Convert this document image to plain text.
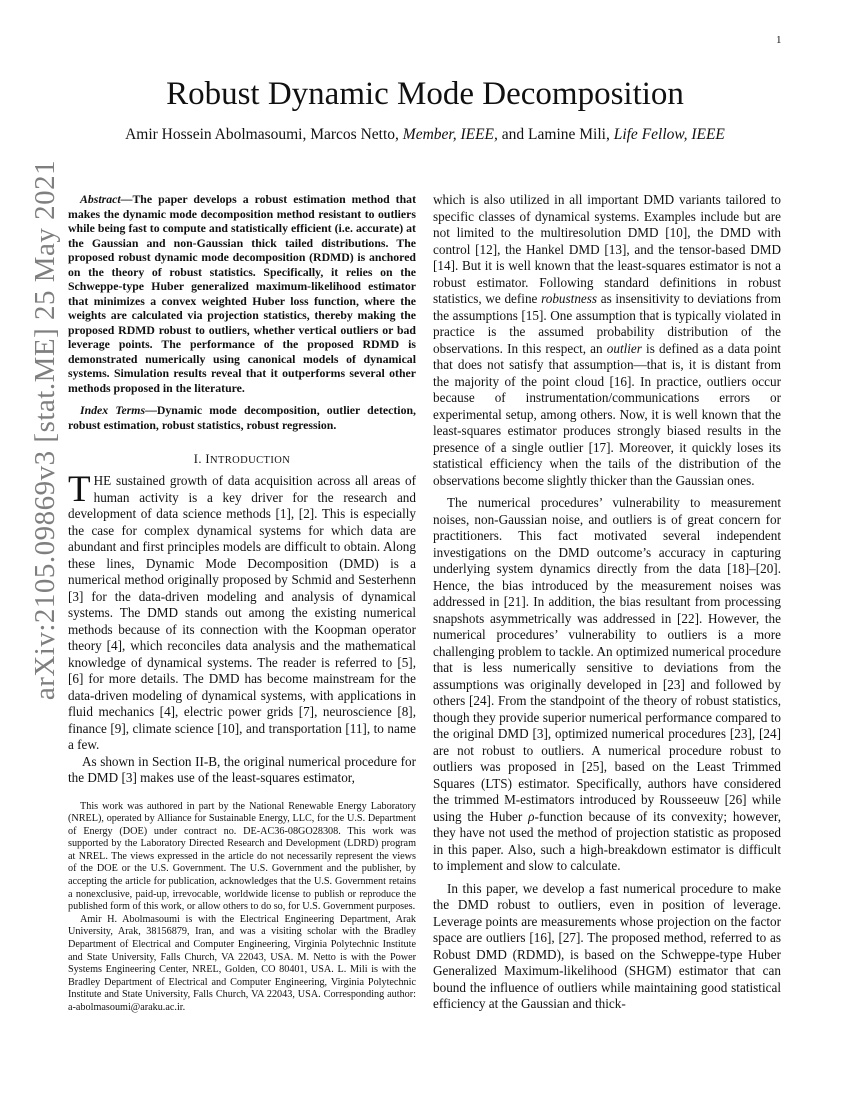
1
arXiv:2105.09869v3 [stat.ME] 25 May 2021
Robust Dynamic Mode Decomposition
Amir Hossein Abolmasoumi, Marcos Netto, Member, IEEE, and Lamine Mili, Life Fellow, IEEE

Abstract—The paper develops a robust estimation method that makes the dynamic mode decomposition method resistant to outliers while being fast to compute and statistically efficient (i.e. accurate) at the Gaussian and non-Gaussian thick tailed distributions. The proposed robust dynamic mode decomposition (RDMD) is anchored on the theory of robust statistics. Specifically, it relies on the Schweppe-type Huber generalized maximum-likelihood estimator that minimizes a convex weighted Huber loss function, where the weights are calculated via projection statistics, thereby making the proposed RDMD robust to outliers, whether vertical outliers or bad leverage points. The performance of the proposed RDMD is demonstrated numerically using canonical models of dynamical systems. Simulation results reveal that it outperforms several other methods proposed in the literature.

Index Terms—Dynamic mode decomposition, outlier detection, robust estimation, robust statistics, robust regression.

I. INTRODUCTION

THE sustained growth of data acquisition across all areas of human activity is a key driver for the research and development of data science methods [1], [2]. This is especially the case for complex dynamical systems for which data are abundant and first principles models are difficult to obtain. Along these lines, Dynamic Mode Decomposition (DMD) is a numerical method originally proposed by Schmid and Sesterhenn [3] for the data-driven modeling and analysis of dynamical systems. The DMD stands out among the existing numerical methods because of its connection with the Koopman operator theory [4], which reconciles data analysis and the mathematical knowledge of dynamical systems. The reader is referred to [5], [6] for more details. The DMD has become mainstream for the data-driven modeling of dynamical systems, with applications in fluid mechanics [4], electric power grids [7], neuroscience [8], finance [9], climate science [10], and transportation [11], to name a few.

As shown in Section II-B, the original numerical procedure for the DMD [3] makes use of the least-squares estimator,

This work was authored in part by the National Renewable Energy Laboratory (NREL), operated by Alliance for Sustainable Energy, LLC, for the U.S. Department of Energy (DOE) under contract no. DE-AC36-08GO28308. This work was supported by the Laboratory Directed Research and Development (LDRD) program at NREL. The views expressed in the article do not necessarily represent the views of the DOE or the U.S. Government. The U.S. Government and the publisher, by accepting the article for publication, acknowledges that the U.S. Government retains a nonexclusive, paid-up, irrevocable, worldwide license to publish or reproduce the published form of this work, or allow others to do so, for U.S. Government purposes.

Amir H. Abolmasoumi is with the Electrical Engineering Department, Arak University, Arak, 38156879, Iran, and was a visiting scholar with the Bradley Department of Electrical and Computer Engineering, Virginia Polytechnic Institute and State University, Falls Church, VA 22043, USA. M. Netto is with the Power Systems Engineering Center, NREL, Golden, CO 80401, USA. L. Mili is with the Bradley Department of Electrical and Computer Engineering, Virginia Polytechnic Institute and State University, Falls Church, VA 22043, USA. Corresponding author: a-abolmasoumi@araku.ac.ir.

which is also utilized in all important DMD variants tailored to specific classes of dynamical systems. Examples include but are not limited to the multiresolution DMD [10], the DMD with control [12], the Hankel DMD [13], and the tensor-based DMD [14]. But it is well known that the least-squares estimator is not a robust estimator. Following standard definitions in robust statistics, we define robustness as insensitivity to deviations from the assumptions [15]. One assumption that is typically violated in practice is the assumed probability distribution of the observations. In this respect, an outlier is defined as a data point that does not satisfy that assumption—that is, it is distant from the majority of the point cloud [16]. In practice, outliers occur because of instrumentation/communications errors or experimental setup, among others. Now, it is well known that the least-squares estimator produces strongly biased results in the presence of a single outlier [17]. Moreover, it quickly loses its statistical efficiency when the tails of the distribution of the observations become slightly thicker than the Gaussian ones.

The numerical procedures’ vulnerability to measurement noises, non-Gaussian noise, and outliers is of great concern for practitioners. This fact motivated several independent investigations on the DMD outcome’s accuracy in capturing underlying system dynamics directly from the data [18]–[20]. Hence, the bias introduced by the measurement noises was addressed in [21]. In addition, the bias resultant from processing snapshots asymmetrically was addressed in [22]. However, the numerical procedures’ vulnerability to outliers is a more challenging problem to tackle. An optimized numerical procedure that is less numerically sensitive to deviations from the assumptions was originally developed in [23] and followed by others [24]. From the standpoint of the theory of robust statistics, though they provide superior numerical performance compared to the original DMD [3], optimized numerical procedures [23], [24] are not robust to outliers. A numerical procedure robust to outliers was proposed in [25], based on the Least Trimmed Squares (LTS) estimator. Specifically, authors have considered the trimmed M-estimators introduced by Rousseeuw [26] while using the Huber ρ-function because of its convexity; however, they have not used the method of projection statistic as proposed in this paper. Also, such a high-breakdown estimator is difficult to implement and slow to calculate.

In this paper, we develop a fast numerical procedure to make the DMD robust to outliers, even in position of leverage. Leverage points are measurements whose projection on the factor space are outliers [16], [27]. The proposed method, referred to as Robust DMD (RDMD), is based on the Schweppe-type Huber Generalized Maximum-likelihood (SHGM) estimator that can bound the influence of outliers while maintaining good statistical efficiency at the Gaussian and thick-
